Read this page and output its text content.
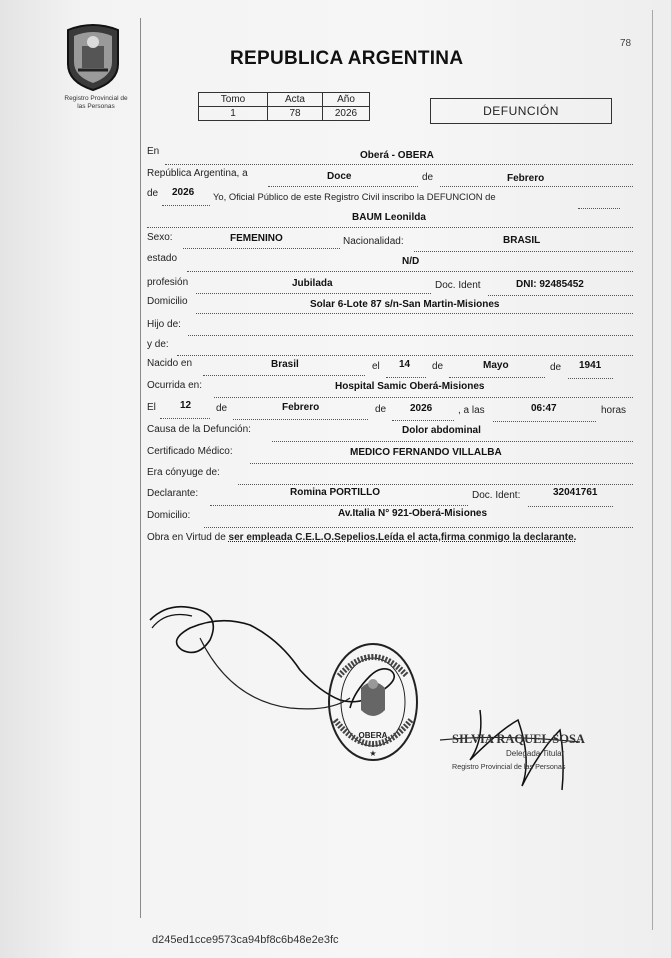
Registro Provincial de
las Personas
78
REPUBLICA ARGENTINA
Tomo	Acta	Año
1	78	2026	DEFUNCIÓN
En	Oberá - OBERA
República Argentina, a	Doce	de	Febrero
de 2026 Yo, Oficial Público de este Registro Civil inscribo la DEFUNCION de
BAUM Leonilda
Sexo:	FEMENINO	Nacionalidad:	BRASIL
estado	N/D
profesión	Jubilada	Doc. Ident	DNI: 92485452
Domicilio	Solar 6-Lote 87 s/n-San Martin-Misiones
Hijo de:
y de:
Nacido en	Brasil	el 14 de	Mayo	de 1941
Ocurrida en:	Hospital Samic Oberá-Misiones
El 12 de	Febrero	de 2026	, a las	06:47	horas
Causa de la Defunción:	Dolor abdominal
Certificado Médico:	MEDICO FERNANDO VILLALBA
Era cónyuge de:
Declarante:	Romina PORTILLO	Doc. Ident:	32041761
Domicilio:	Av.Italia N° 921-Oberá-Misiones
Obra en Virtud de ser empleada C.E.L.O.Sepelios.Leída el acta,firma conmigo la declarante.
OBERA
★
SILVIA RAQUEL SOSA
Delegada Titular
Registro Provincial de las Personas
d245ed1cce9573ca94bf8c6b48e2e3fc
